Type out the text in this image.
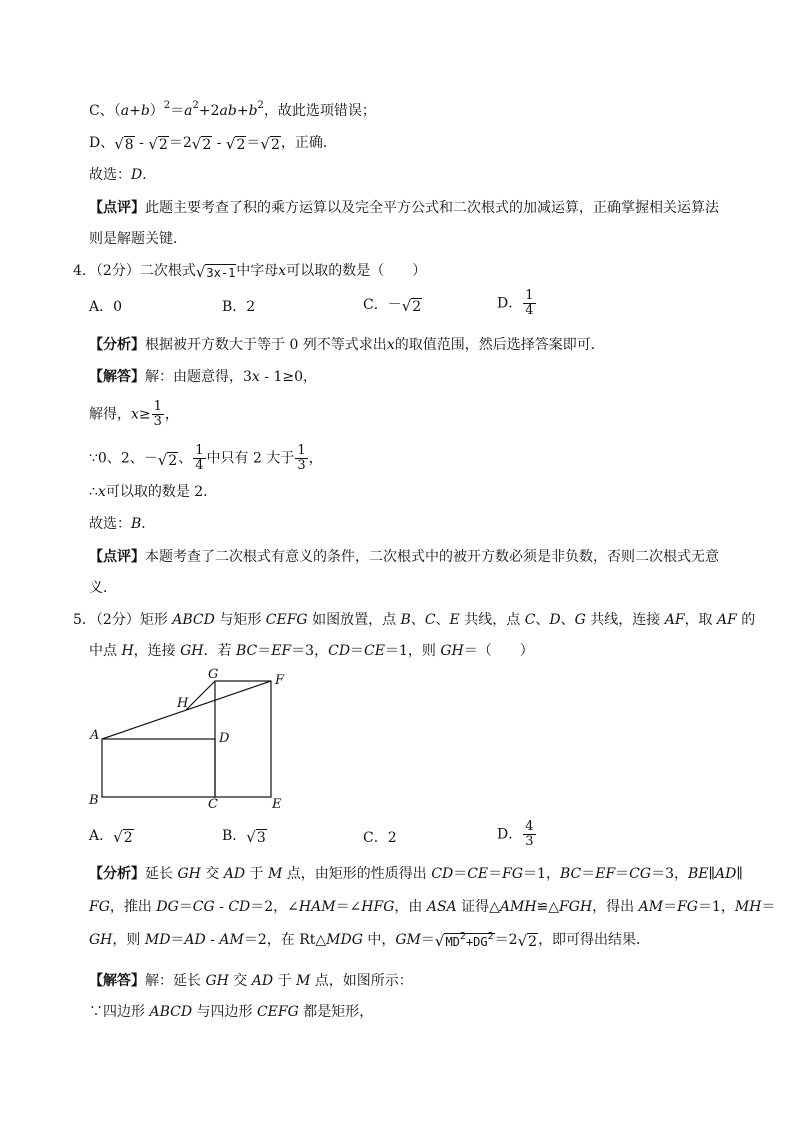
C、$(a+b)^2=a^2+2ab+b^2$，故此选项错误；
D、 √ 8 - √ 2 ＝2 √ 2 - √ 2 ＝ √ 2 ，正确．
故选：D．
【点评】此题主要考查了积的乘方运算以及完全平方公式和二次根式的加减运算，正确掌握相关运算法
则是解题关键．
4．（2分）二次根式 √ 3x-1 中字母x可以取的数是（　　）
A．0	B．2	C．－ √ 2	D． $\frac{1}{4}$
【分析】根据被开方数大于等于 0 列不等式求出x的取值范围，然后选择答案即可．
【解答】解：由题意得，3x - 1≥0，
解得，$x\ge \frac{1}{3}$ ，
∵0、2、－ √ 2 、 $\frac{1}{4}$ 中只有 2 大于 $\frac{1}{3}$ ，
∴x可以取的数是 2．
故选：B．
【点评】本题考查了二次根式有意义的条件，二次根式中的被开方数必须是非负数，否则二次根式无意
义．
5．（2分）矩形 ABCD 与矩形 CEFG 如图放置，点 B、C、E 共线，点 C、D、G 共线，连接 AF，取 AF 的
中点 H，连接 GH．若 BC＝EF＝3，CD＝CE＝1，则 GH＝（　　）
G	F
H
A	D
B	C	E
A． √ 2	B． √ 3	C．2	D． $\frac{4}{3}$
【分析】延长 GH 交 AD 于 M 点，由矩形的性质得出 CD＝CE＝FG＝1，BC＝EF＝CG＝3，BE∥AD∥
FG，推出 DG＝CG - CD＝2，∠HAM＝∠HFG，由 ASA 证得△AMH≌△FGH，得出 AM＝FG＝1，MH＝
GH，则 MD＝AD - AM＝2，在 Rt△MDG 中，GM＝ √ $MD^2+DG^2 =2$ √ 2 ，即可得出结果．
【解答】解：延长 GH 交 AD 于 M 点，如图所示：
∵四边形 ABCD 与四边形 CEFG 都是矩形，
